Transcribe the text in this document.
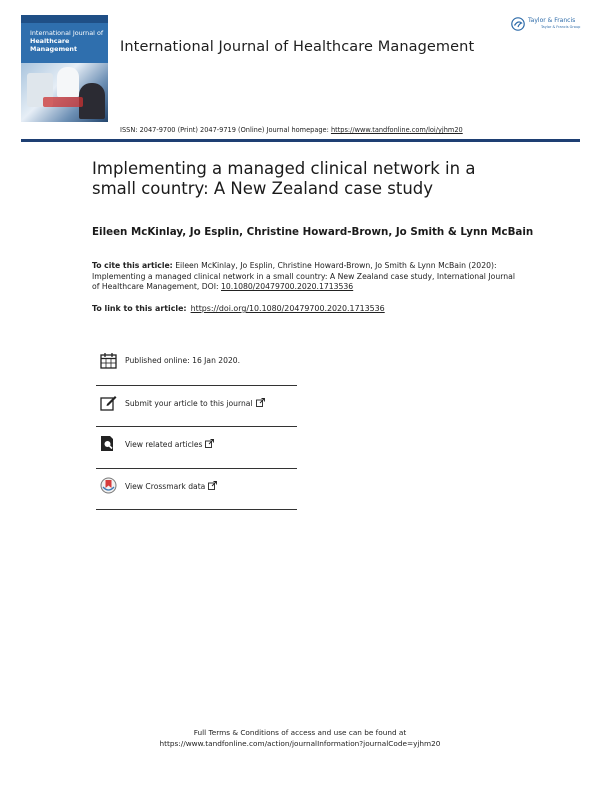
International Journal of
Healthcare Management	International Journal of Healthcare Management
Taylor & Francis
Taylor & Francis Group
ISSN: 2047-9700 (Print) 2047-9719 (Online) Journal homepage: https://www.tandfonline.com/loi/yjhm20
Implementing a managed clinical network in a small country: A New Zealand case study
Eileen McKinlay, Jo Esplin, Christine Howard-Brown, Jo Smith & Lynn McBain
To cite this article: Eileen McKinlay, Jo Esplin, Christine Howard-Brown, Jo Smith & Lynn McBain (2020): Implementing a managed clinical network in a small country: A New Zealand case study, International Journal of Healthcare Management, DOI: 10.1080/20479700.2020.1713536
To link to this article: https://doi.org/10.1080/20479700.2020.1713536
Published online: 16 Jan 2020.
Submit your article to this journal
View related articles
View Crossmark data
Full Terms & Conditions of access and use can be found at
https://www.tandfonline.com/action/journalInformation?journalCode=yjhm20
